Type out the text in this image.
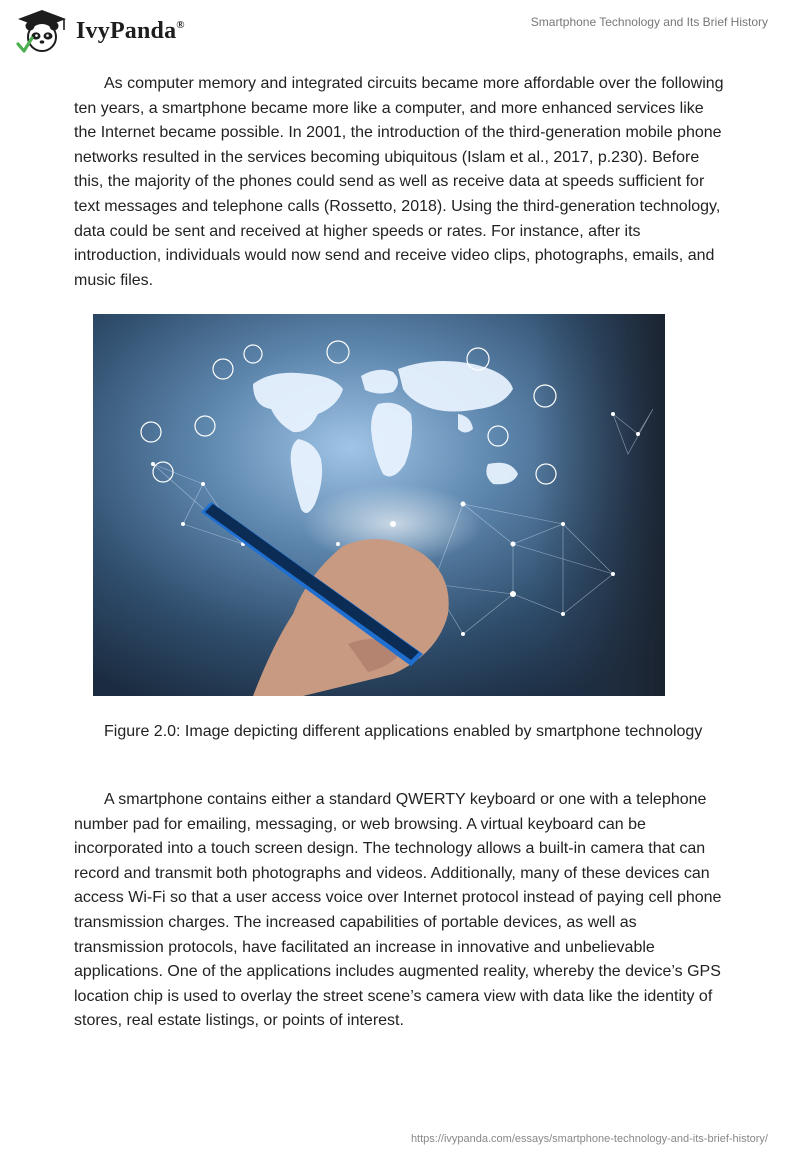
IvyPanda®	Smartphone Technology and Its Brief History

As computer memory and integrated circuits became more affordable over the following ten years, a smartphone became more like a computer, and more enhanced services like the Internet became possible. In 2001, the introduction of the third-generation mobile phone networks resulted in the services becoming ubiquitous (Islam et al., 2017, p.230). Before this, the majority of the phones could send as well as receive data at speeds sufficient for text messages and telephone calls (Rossetto, 2018). Using the third-generation technology, data could be sent and received at higher speeds or rates. For instance, after its introduction, individuals would now send and receive video clips, photographs, emails, and music files.

Figure 2.0: Image depicting different applications enabled by smartphone technology

A smartphone contains either a standard QWERTY keyboard or one with a telephone number pad for emailing, messaging, or web browsing. A virtual keyboard can be incorporated into a touch screen design. The technology allows a built-in camera that can record and transmit both photographs and videos. Additionally, many of these devices can access Wi-Fi so that a user access voice over Internet protocol instead of paying cell phone transmission charges. The increased capabilities of portable devices, as well as transmission protocols, have facilitated an increase in innovative and unbelievable applications. One of the applications includes augmented reality, whereby the device’s GPS location chip is used to overlay the street scene’s camera view with data like the identity of stores, real estate listings, or points of interest.

https://ivypanda.com/essays/smartphone-technology-and-its-brief-history/
